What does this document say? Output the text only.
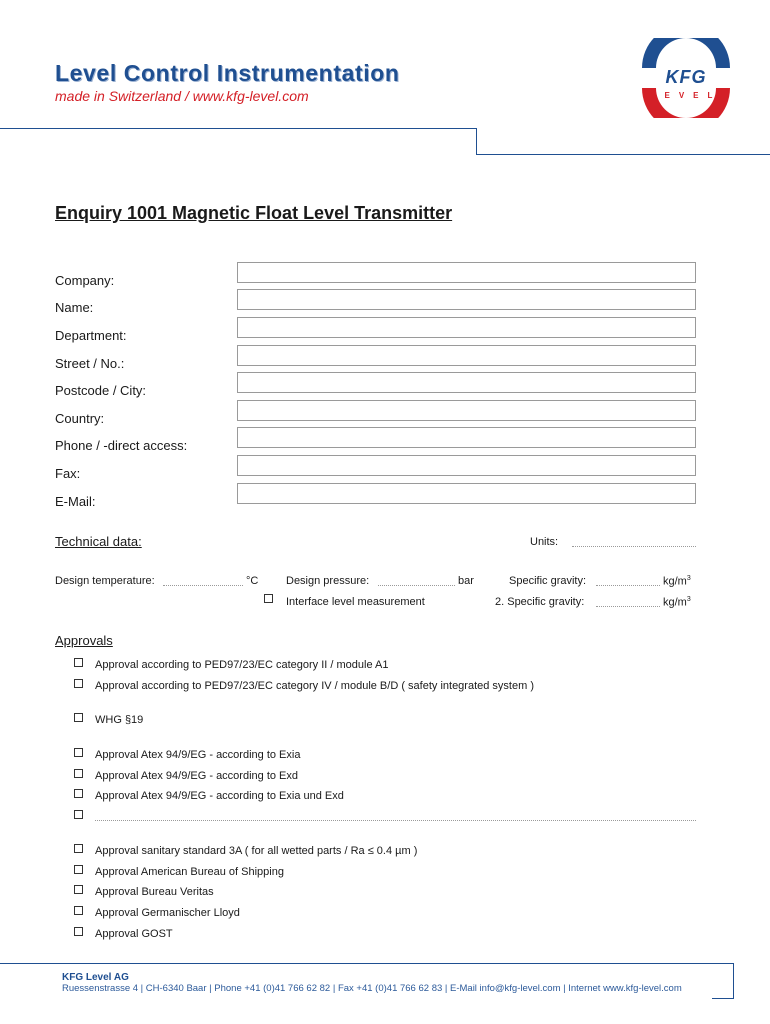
Level Control Instrumentation
made in Switzerland / www.kfg-level.com
KFG
LEVEL
Enquiry 1001 Magnetic Float Level Transmitter
Company:
Name:
Department:
Street / No.:
Postcode / City:
Country:
Phone / -direct access:
Fax:
E-Mail:
Technical data:	Units:
Design temperature:	°C	Design pressure:	bar	Specific gravity:	$kg/m^3$
Interface level measurement	2. Specific gravity:	$kg/m^3$
Approvals
Approval according to PED97/23/EC category II / module A1
Approval according to PED97/23/EC category IV / module B/D ( safety integrated system )
WHG §19
Approval Atex 94/9/EG - according to Exia
Approval Atex 94/9/EG - according to Exd
Approval Atex 94/9/EG - according to Exia und Exd
Approval sanitary standard 3A ( for all wetted parts / Ra ≤ 0.4 µm )
Approval American Bureau of Shipping
Approval Bureau Veritas
Approval Germanischer Lloyd
Approval GOST
KFG Level AG
Ruessenstrasse 4 | CH-6340 Baar | Phone +41 (0)41 766 62 82 | Fax +41 (0)41 766 62 83 | E-Mail info@kfg-level.com | Internet www.kfg-level.com
